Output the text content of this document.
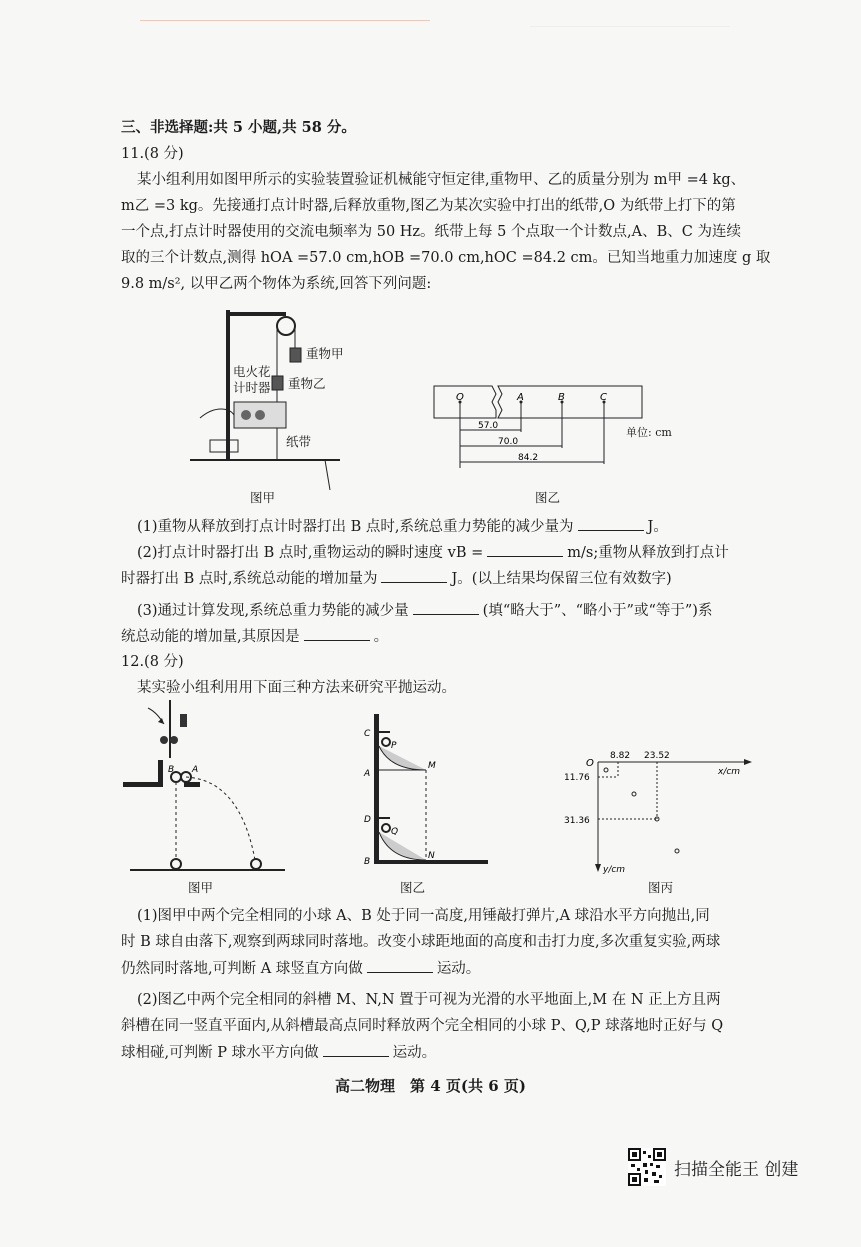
三、非选择题:共 5 小题,共 58 分。
11.(8 分)
某小组利用如图甲所示的实验装置验证机械能守恒定律,重物甲、乙的质量分别为 m甲 =4 kg、
m乙 =3 kg。先接通打点计时器,后释放重物,图乙为某次实验中打出的纸带,O 为纸带上打下的第
一个点,打点计时器使用的交流电频率为 50 Hz。纸带上每 5 个点取一个计数点,A、B、C 为连续
取的三个计数点,测得 hOA =57.0 cm,hOB =70.0 cm,hOC =84.2 cm。已知当地重力加速度 g 取
9.8 m/s², 以甲乙两个物体为系统,回答下列问题:
重物甲
电火花
计时器 重物乙
纸带
图甲
O	A	B	C
57.0
70.0
84.2
单位: cm
图乙
(1)重物从释放到打点计时器打出 B 点时,系统总重力势能的减少量为	J。
(2)打点计时器打出 B 点时,重物运动的瞬时速度 vB =	m/s;重物从释放到打点计
时器打出 B 点时,系统总动能的增加量为	J。(以上结果均保留三位有效数字)
(3)通过计算发现,系统总重力势能的减少量	(填“略大于”、“略小于”或“等于”)系
统总动能的增加量,其原因是	。
12.(8 分)
某实验小组利用用下面三种方法来研究平抛运动。
B A
图甲
C
P
A
M
D
Q
B
N
图乙
O
8.82 23.52
x/cm
11.76
31.36
y/cm
图丙
(1)图甲中两个完全相同的小球 A、B 处于同一高度,用锤敲打弹片,A 球沿水平方向抛出,同
时 B 球自由落下,观察到两球同时落地。改变小球距地面的高度和击打力度,多次重复实验,两球
仍然同时落地,可判断 A 球竖直方向做	运动。
(2)图乙中两个完全相同的斜槽 M、N,N 置于可视为光滑的水平地面上,M 在 N 正上方且两
斜槽在同一竖直平面内,从斜槽最高点同时释放两个完全相同的小球 P、Q,P 球落地时正好与 Q
球相碰,可判断 P 球水平方向做	运动。
高二物理　第 4 页(共 6 页)
扫描全能王 创建
